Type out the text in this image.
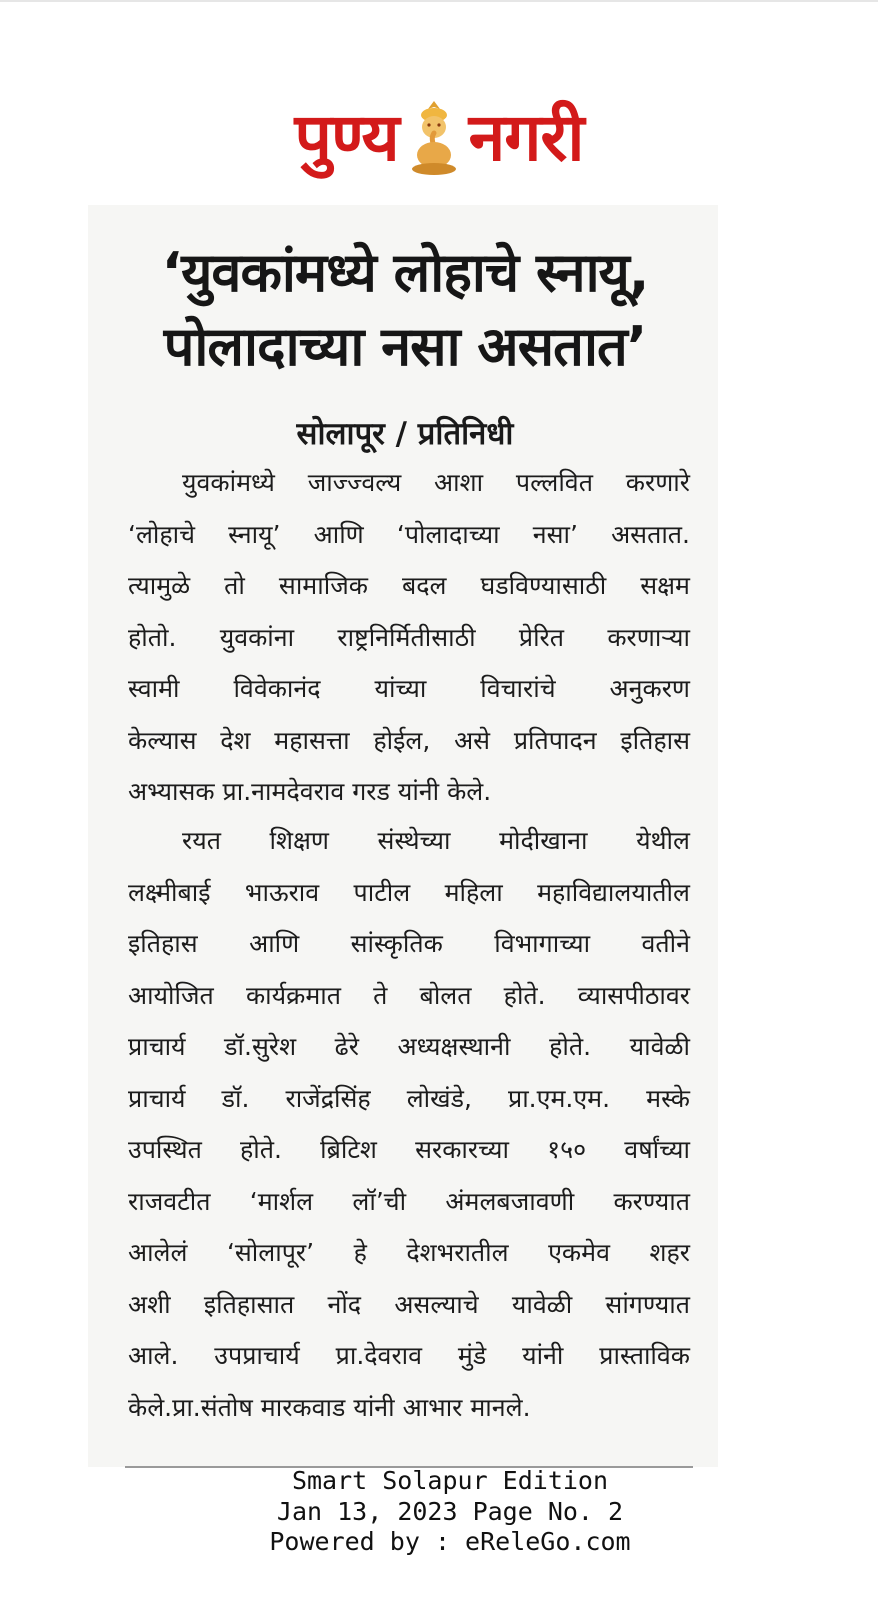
पुण्य नगरी
‘युवकांमध्ये लोहाचे स्नायू,
पोलादाच्या नसा असतात’
सोलापूर / प्रतिनिधी
युवकांमध्ये जाज्ज्वल्य आशा पल्लवित करणारे
‘लोहाचे स्नायू’ आणि ‘पोलादाच्या नसा’ असतात.
त्यामुळे तो सामाजिक बदल घडविण्यासाठी सक्षम
होतो. युवकांना राष्ट्रनिर्मितीसाठी प्रेरित करणाऱ्या
स्वामी विवेकानंद यांच्या विचारांचे अनुकरण
केल्यास देश महासत्ता होईल, असे प्रतिपादन इतिहास
अभ्यासक प्रा.नामदेवराव गरड यांनी केले.
रयत शिक्षण संस्थेच्या मोदीखाना येथील
लक्ष्मीबाई भाऊराव पाटील महिला महाविद्यालयातील
इतिहास आणि सांस्कृतिक विभागाच्या वतीने
आयोजित कार्यक्रमात ते बोलत होते. व्यासपीठावर
प्राचार्य डॉ.सुरेश ढेरे अध्यक्षस्थानी होते. यावेळी
प्राचार्य डॉ. राजेंद्रसिंह लोखंडे, प्रा.एम.एम. मस्के
उपस्थित होते. ब्रिटिश सरकारच्या १५० वर्षांच्या
राजवटीत ‘मार्शल लॉ’ची अंमलबजावणी करण्यात
आलेलं ‘सोलापूर’ हे देशभरातील एकमेव शहर
अशी इतिहासात नोंद असल्याचे यावेळी सांगण्यात
आले. उपप्राचार्य प्रा.देवराव मुंडे यांनी प्रास्ताविक
केले.प्रा.संतोष मारकवाड यांनी आभार मानले.
Smart Solapur Edition
Jan 13, 2023 Page No. 2
Powered by : eReleGo.com
